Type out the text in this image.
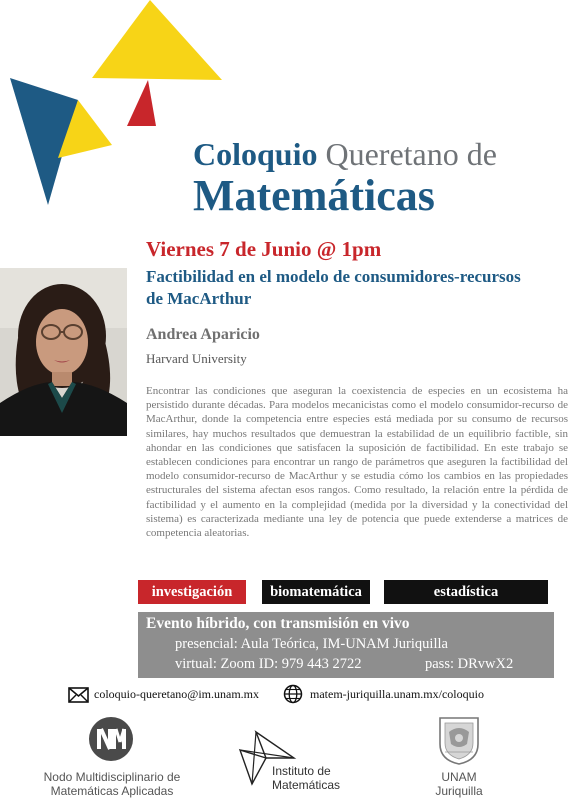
Coloquio Queretano de
Matemáticas
Viernes 7 de Junio @ 1pm
Factibilidad en el modelo de consumidores-recursos de MacArthur
Andrea Aparicio
Harvard University
Encontrar las condiciones que aseguran la coexistencia de especies en un ecosistema ha persistido durante décadas. Para modelos mecanicistas como el modelo consumidor-recurso de MacArthur, donde la competencia entre especies está mediada por su consumo de recursos similares, hay muchos resultados que demuestran la estabilidad de un equilibrio factible, sin ahondar en las condiciones que satisfacen la suposición de factibilidad. En este trabajo se establecen condiciones para encontrar un rango de parámetros que aseguren la factibilidad del modelo consumidor-recurso de MacArthur y se estudia cómo los cambios en las propiedades estructurales del sistema afectan esos rangos. Como resultado, la relación entre la pérdida de factibilidad y el aumento en la complejidad (medida por la diversidad y la conectividad del sistema) es caracterizada mediante una ley de potencia que puede extenderse a matrices de competencia aleatorias.
investigación	biomatemática	estadística
Evento híbrido, con transmisión en vivo
presencial: Aula Teórica, IM-UNAM Juriquilla
virtual: Zoom ID: 979 443 2722	pass: DRvwX2
coloquio-queretano@im.unam.mx	matem-juriquilla.unam.mx/coloquio
Nodo Multidisciplinario de
Matemáticas Aplicadas
Instituto de
Matemáticas
UNAM
Juriquilla
